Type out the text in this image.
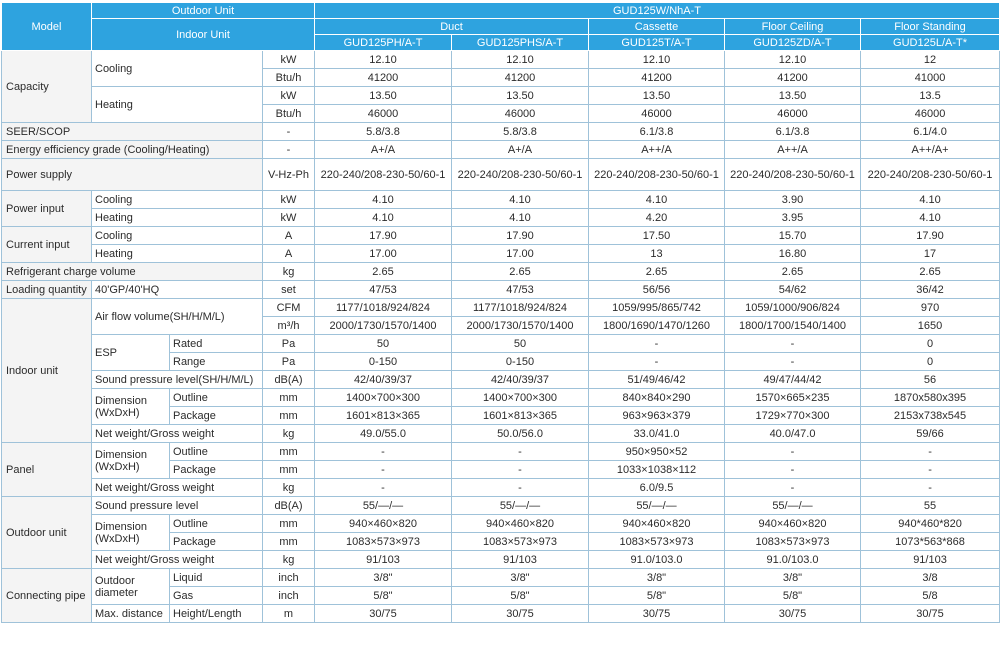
Model	Outdoor Unit			GUD125W/NhA-T				
	Indoor Unit			Duct		Cassette	Floor Ceiling	Floor Standing
				GUD125PH/A-T	GUD125PHS/A-T	GUD125T/A-T	GUD125ZD/A-T	GUD125L/A-T*
Capacity	Cooling		kW	12.10	12.10	12.10	12.10	12
			Btu/h	41200	41200	41200	41200	41000
	Heating		kW	13.50	13.50	13.50	13.50	13.5
			Btu/h	46000	46000	46000	46000	46000
SEER/SCOP			-	5.8/3.8	5.8/3.8	6.1/3.8	6.1/3.8	6.1/4.0
Energy efficiency grade (Cooling/Heating)			-	A+/A	A+/A	A++/A	A++/A	A++/A+
Power supply			V-Hz-Ph	220-240/208-230-50/60-1	220-240/208-230-50/60-1	220-240/208-230-50/60-1	220-240/208-230-50/60-1	220-240/208-230-50/60-1
Power input	Cooling		kW	4.10	4.10	4.10	3.90	4.10
	Heating		kW	4.10	4.10	4.20	3.95	4.10
Current input	Cooling		A	17.90	17.90	17.50	15.70	17.90
	Heating		A	17.00	17.00	13	16.80	17
Refrigerant charge volume			kg	2.65	2.65	2.65	2.65	2.65
Loading quantity	40'GP/40'HQ		set	47/53	47/53	56/56	54/62	36/42
Indoor unit	Air flow volume(SH/H/M/L)		CFM	1177/1018/924/824	1177/1018/924/824	1059/995/865/742	1059/1000/906/824	970
			m³/h	2000/1730/1570/1400	2000/1730/1570/1400	1800/1690/1470/1260	1800/1700/1540/1400	1650
	ESP	Rated	Pa	50	50	-	-	0
		Range	Pa	0-150	0-150	-	-	0
	Sound pressure level(SH/H/M/L)		dB(A)	42/40/39/37	42/40/39/37	51/49/46/42	49/47/44/42	56
	Dimension (WxDxH)	Outline	mm	1400×700×300	1400×700×300	840×840×290	1570×665×235	1870x580x395
		Package	mm	1601×813×365	1601×813×365	963×963×379	1729×770×300	2153x738x545
	Net weight/Gross weight		kg	49.0/55.0	50.0/56.0	33.0/41.0	40.0/47.0	59/66
Panel	Dimension (WxDxH)	Outline	mm	-	-	950×950×52	-	-
		Package	mm	-	-	1033×1038×112	-	-
	Net weight/Gross weight		kg	-	-	6.0/9.5	-	-
Outdoor unit	Sound pressure level		dB(A)	55/—/—	55/—/—	55/—/—	55/—/—	55
	Dimension (WxDxH)	Outline	mm	940×460×820	940×460×820	940×460×820	940×460×820	940*460*820
		Package	mm	1083×573×973	1083×573×973	1083×573×973	1083×573×973	1073*563*868
	Net weight/Gross weight		kg	91/103	91/103	91.0/103.0	91.0/103.0	91/103
Connecting pipe	Outdoor diameter	Liquid	inch	3/8"	3/8"	3/8"	3/8"	3/8
		Gas	inch	5/8"	5/8"	5/8"	5/8"	5/8
	Max. distance	Height/Length	m	30/75	30/75	30/75	30/75	30/75
